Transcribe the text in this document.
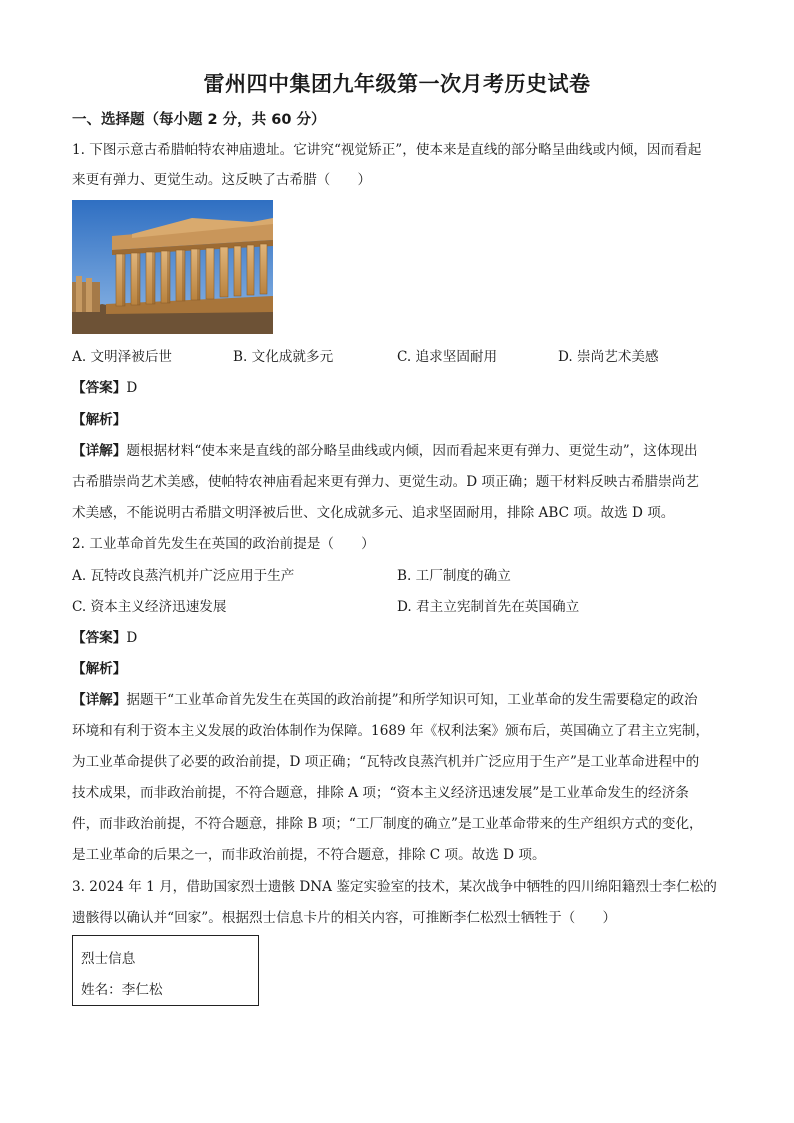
雷州四中集团九年级第一次月考历史试卷
一、选择题（每小题 2 分，共 60 分）
1. 下图示意古希腊帕特农神庙遗址。它讲究“视觉矫正”，使本来是直线的部分略呈曲线或内倾，因而看起
来更有弹力、更觉生动。这反映了古希腊（　　）
A. 文明泽被后世	B. 文化成就多元	C. 追求坚固耐用	D. 崇尚艺术美感
【答案】D
【解析】
【详解】题根据材料“使本来是直线的部分略呈曲线或内倾，因而看起来更有弹力、更觉生动”，这体现出
古希腊崇尚艺术美感，使帕特农神庙看起来更有弹力、更觉生动。D 项正确；题干材料反映古希腊崇尚艺
术美感，不能说明古希腊文明泽被后世、文化成就多元、追求坚固耐用，排除 ABC 项。故选 D 项。
2. 工业革命首先发生在英国的政治前提是（　　）
A. 瓦特改良蒸汽机并广泛应用于生产	B. 工厂制度的确立
C. 资本主义经济迅速发展	D. 君主立宪制首先在英国确立
【答案】D
【解析】
【详解】据题干“工业革命首先发生在英国的政治前提”和所学知识可知，工业革命的发生需要稳定的政治
环境和有利于资本主义发展的政治体制作为保障。1689 年《权利法案》颁布后，英国确立了君主立宪制，
为工业革命提供了必要的政治前提，D 项正确；“瓦特改良蒸汽机并广泛应用于生产”是工业革命进程中的
技术成果，而非政治前提，不符合题意，排除 A 项；“资本主义经济迅速发展”是工业革命发生的经济条
件，而非政治前提，不符合题意，排除 B 项；“工厂制度的确立”是工业革命带来的生产组织方式的变化，
是工业革命的后果之一，而非政治前提，不符合题意，排除 C 项。故选 D 项。
3. 2024 年 1 月，借助国家烈士遗骸 DNA 鉴定实验室的技术，某次战争中牺牲的四川绵阳籍烈士李仁松的
遗骸得以确认并“回家”。根据烈士信息卡片的相关内容，可推断李仁松烈士牺牲于（　　）
烈士信息
姓名：李仁松
